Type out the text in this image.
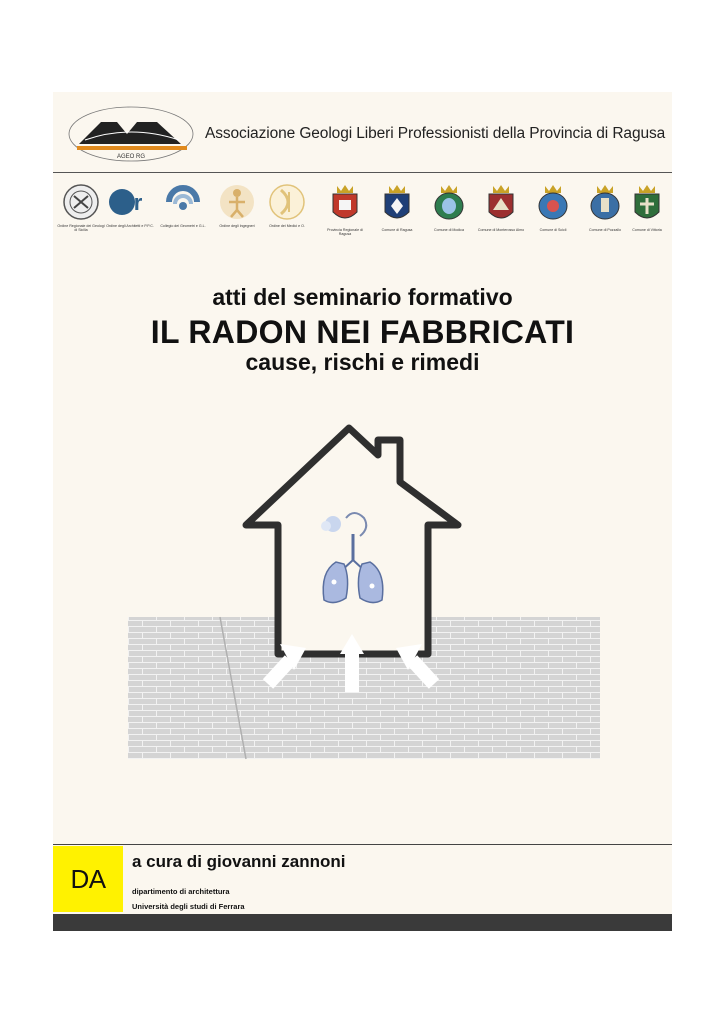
AGEO RG
Associazione Geologi Liberi Professionisti della Provincia di Ragusa
Ordine Regionale dei Geologi di Sicilia
r
Ordine degli Architetti e P.P.C.	Collegio dei Geometri e G.L.	Ordine degli Ingegneri	Ordine dei Medici e O.
Provincia Regionale di Ragusa
Comune di Ragusa	Comune di Modica	Comune di Monterosso Almo	Comune di Scicli	Comune di Pozzallo	Comune di Vittoria
atti del seminario formativo
IL RADON NEI FABBRICATI
cause, rischi e rimedi
DA
a cura di giovanni zannoni
dipartimento di architettura
Università degli studi di Ferrara
